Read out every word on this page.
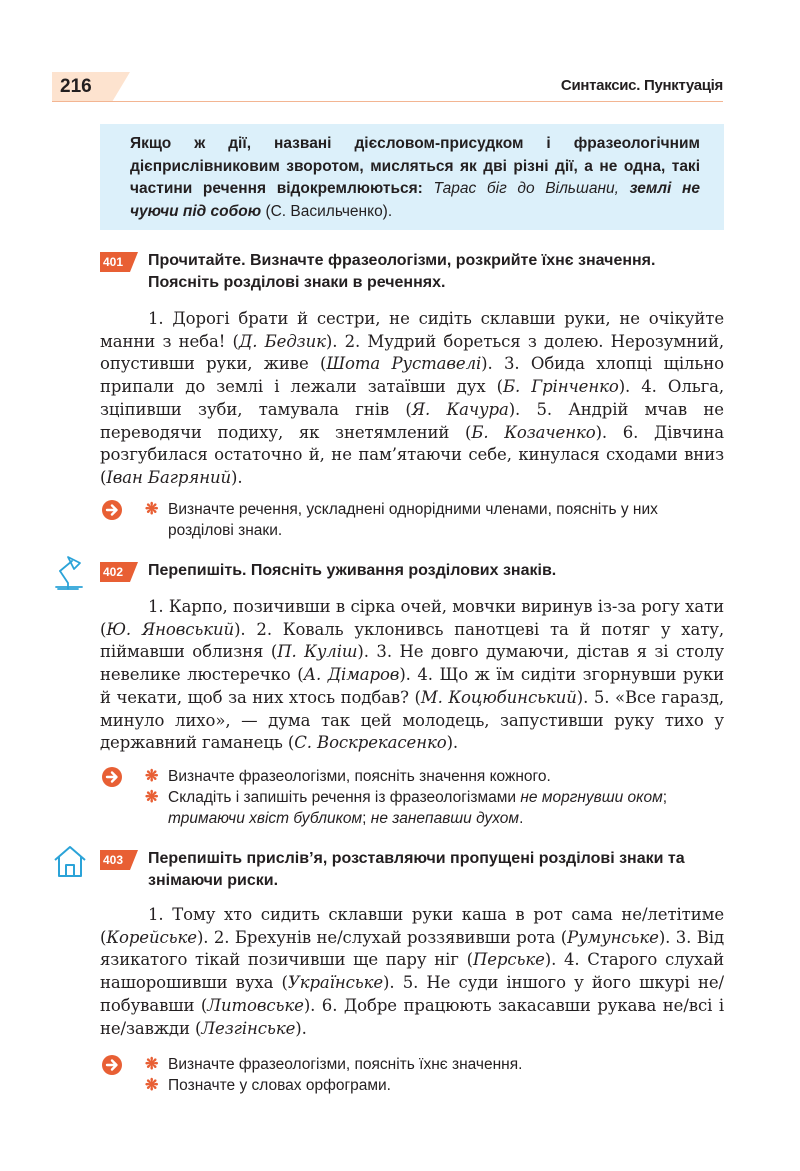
216	Синтаксис. Пунктуація
Якщо ж дії, названі дієсловом-присудком і фразеологічним дієприслівниковим зворотом, мисляться як дві різні дії, а не одна, такі частини речення відокремлюються: Тарас біг до Вільшани, землі не чуючи під собою (С. Васильченко).
401	Прочитайте. Визначте фразеологізми, розкрийте їхнє значення. Поясніть розділові знаки в реченнях.
1. Дорогі брати й сестри, не сидіть склавши руки, не очікуйте манни з неба! (Д. Бедзик). 2. Мудрий бореться з долею. Нерозумний, опустивши руки, живе (Шота Руставелі). 3. Обида хлопці щільно припали до землі і лежали затаївши дух (Б. Грінченко). 4. Ольга, зціпивши зуби, тамувала гнів (Я. Качура). 5. Андрій мчав не переводячи подиху, як знетямлений (Б. Козаченко). 6. Дівчина розгубилася остаточно й, не пам’ятаючи себе, кинулася сходами вниз (Іван Багряний).
❋ Визначте речення, ускладнені однорідними членами, поясніть у них розділові знаки.
402	Перепишіть. Поясніть уживання розділових знаків.
1. Карпо, позичивши в сірка очей, мовчки виринув із-за рогу хати (Ю. Яновський). 2. Коваль уклонивсь панотцеві та й потяг у хату, піймавши облизня (П. Куліш). 3. Не довго думаючи, дістав я зі столу невелике люстеречко (А. Дімаров). 4. Що ж їм сидіти згорнувши руки й чекати, щоб за них хтось подбав? (М. Коцюбинський). 5. «Все гаразд, минуло лихо», — дума так цей молодець, запустивши руку тихо у державний гаманець (С. Воскрекасенко).
❋ Визначте фразеологізми, поясніть значення кожного.
❋ Складіть і запишіть речення із фразеологізмами не моргнувши оком; тримаючи хвіст бубликом; не занепавши духом.
403	Перепишіть прислів’я, розставляючи пропущені розділові знаки та знімаючи риски.
1. Тому хто сидить склавши руки каша в рот сама не/летітиме (Корейське). 2. Брехунів не/слухай роззявивши рота (Румунське). 3. Від язикатого тікай позичивши ще пару ніг (Перське). 4. Старого слухай нашорошивши вуха (Українське). 5. Не суди іншого у його шкурі не/побувавши (Литовське). 6. Добре працюють закасавши рукава не/всі і не/завжди (Лезгінське).
❋ Визначте фразеологізми, поясніть їхнє значення.
❋ Позначте у словах орфограми.
